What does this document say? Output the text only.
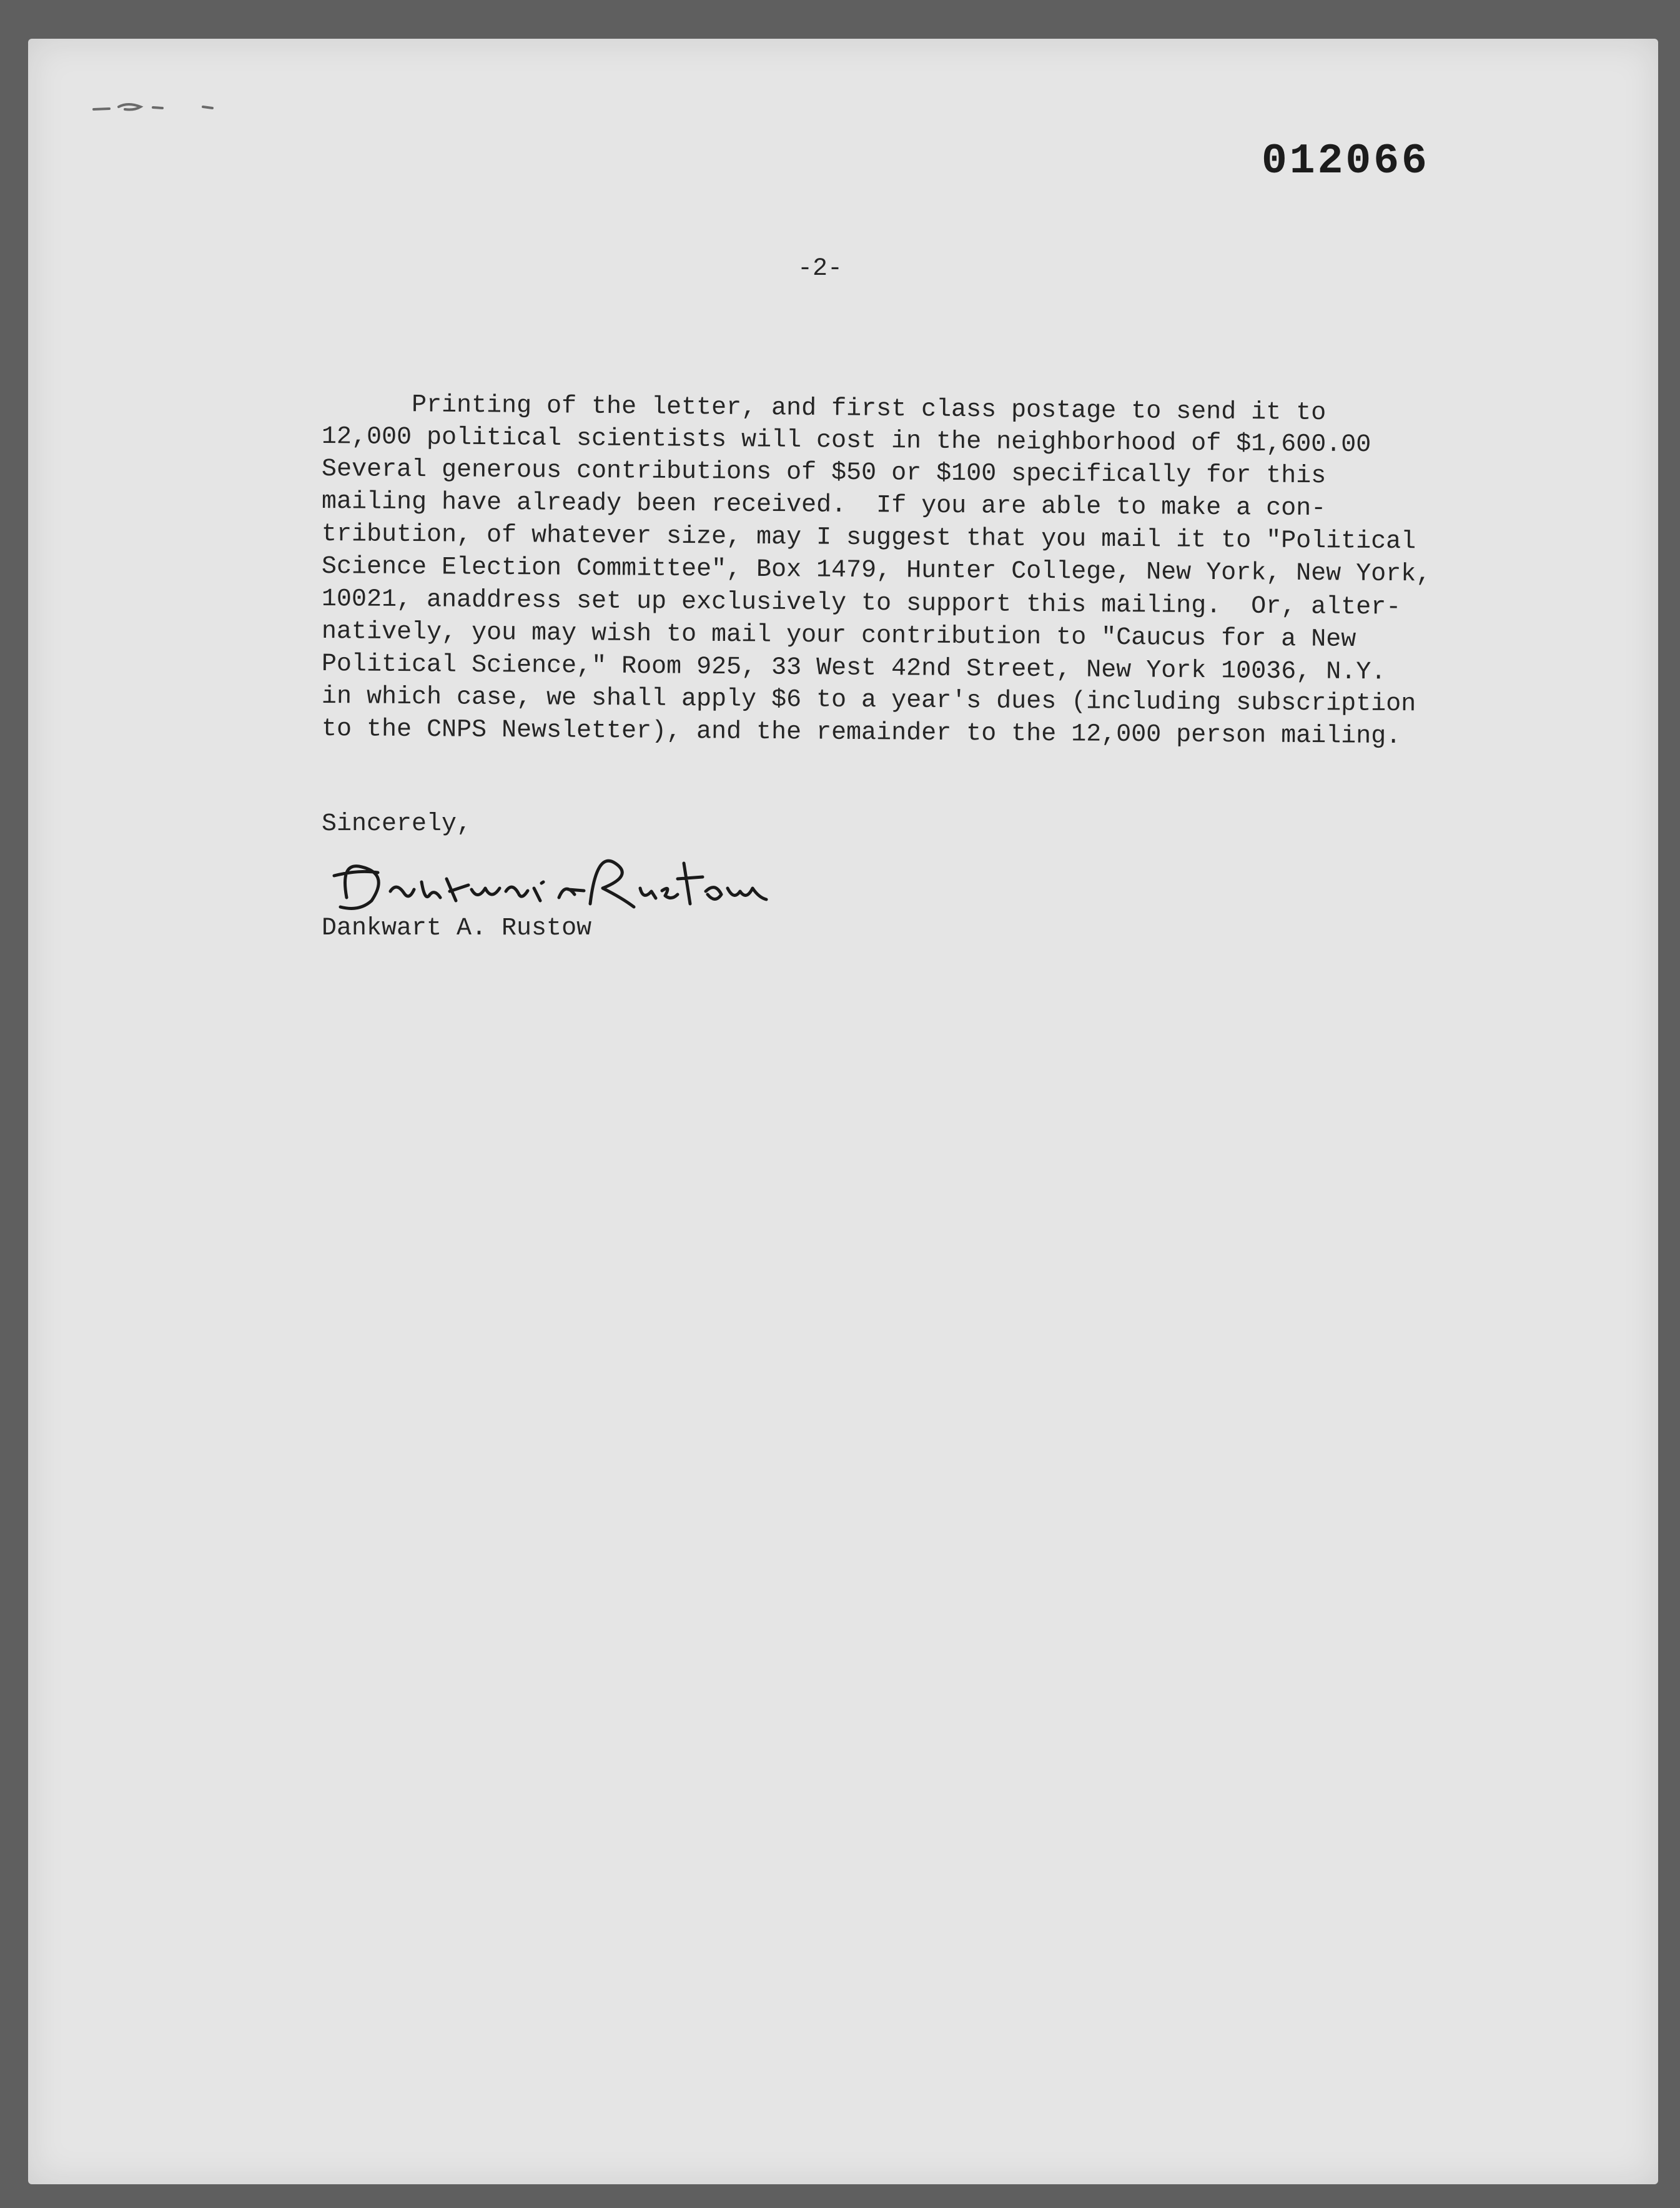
012066
-2-
Printing of the letter, and first class postage to send it to
12,000 political scientists will cost in the neighborhood of $1,600.00
Several generous contributions of $50 or $100 specifically for this
mailing have already been received.  If you are able to make a con-
tribution, of whatever size, may I suggest that you mail it to "Political
Science Election Committee", Box 1479, Hunter College, New York, New York,
10021, anaddress set up exclusively to support this mailing.  Or, alter-
natively, you may wish to mail your contribution to "Caucus for a New
Political Science," Room 925, 33 West 42nd Street, New York 10036, N.Y.
in which case, we shall apply $6 to a year's dues (including subscription
to the CNPS Newsletter), and the remainder to the 12,000 person mailing.
Sincerely,
Dankwart A. Rustow
